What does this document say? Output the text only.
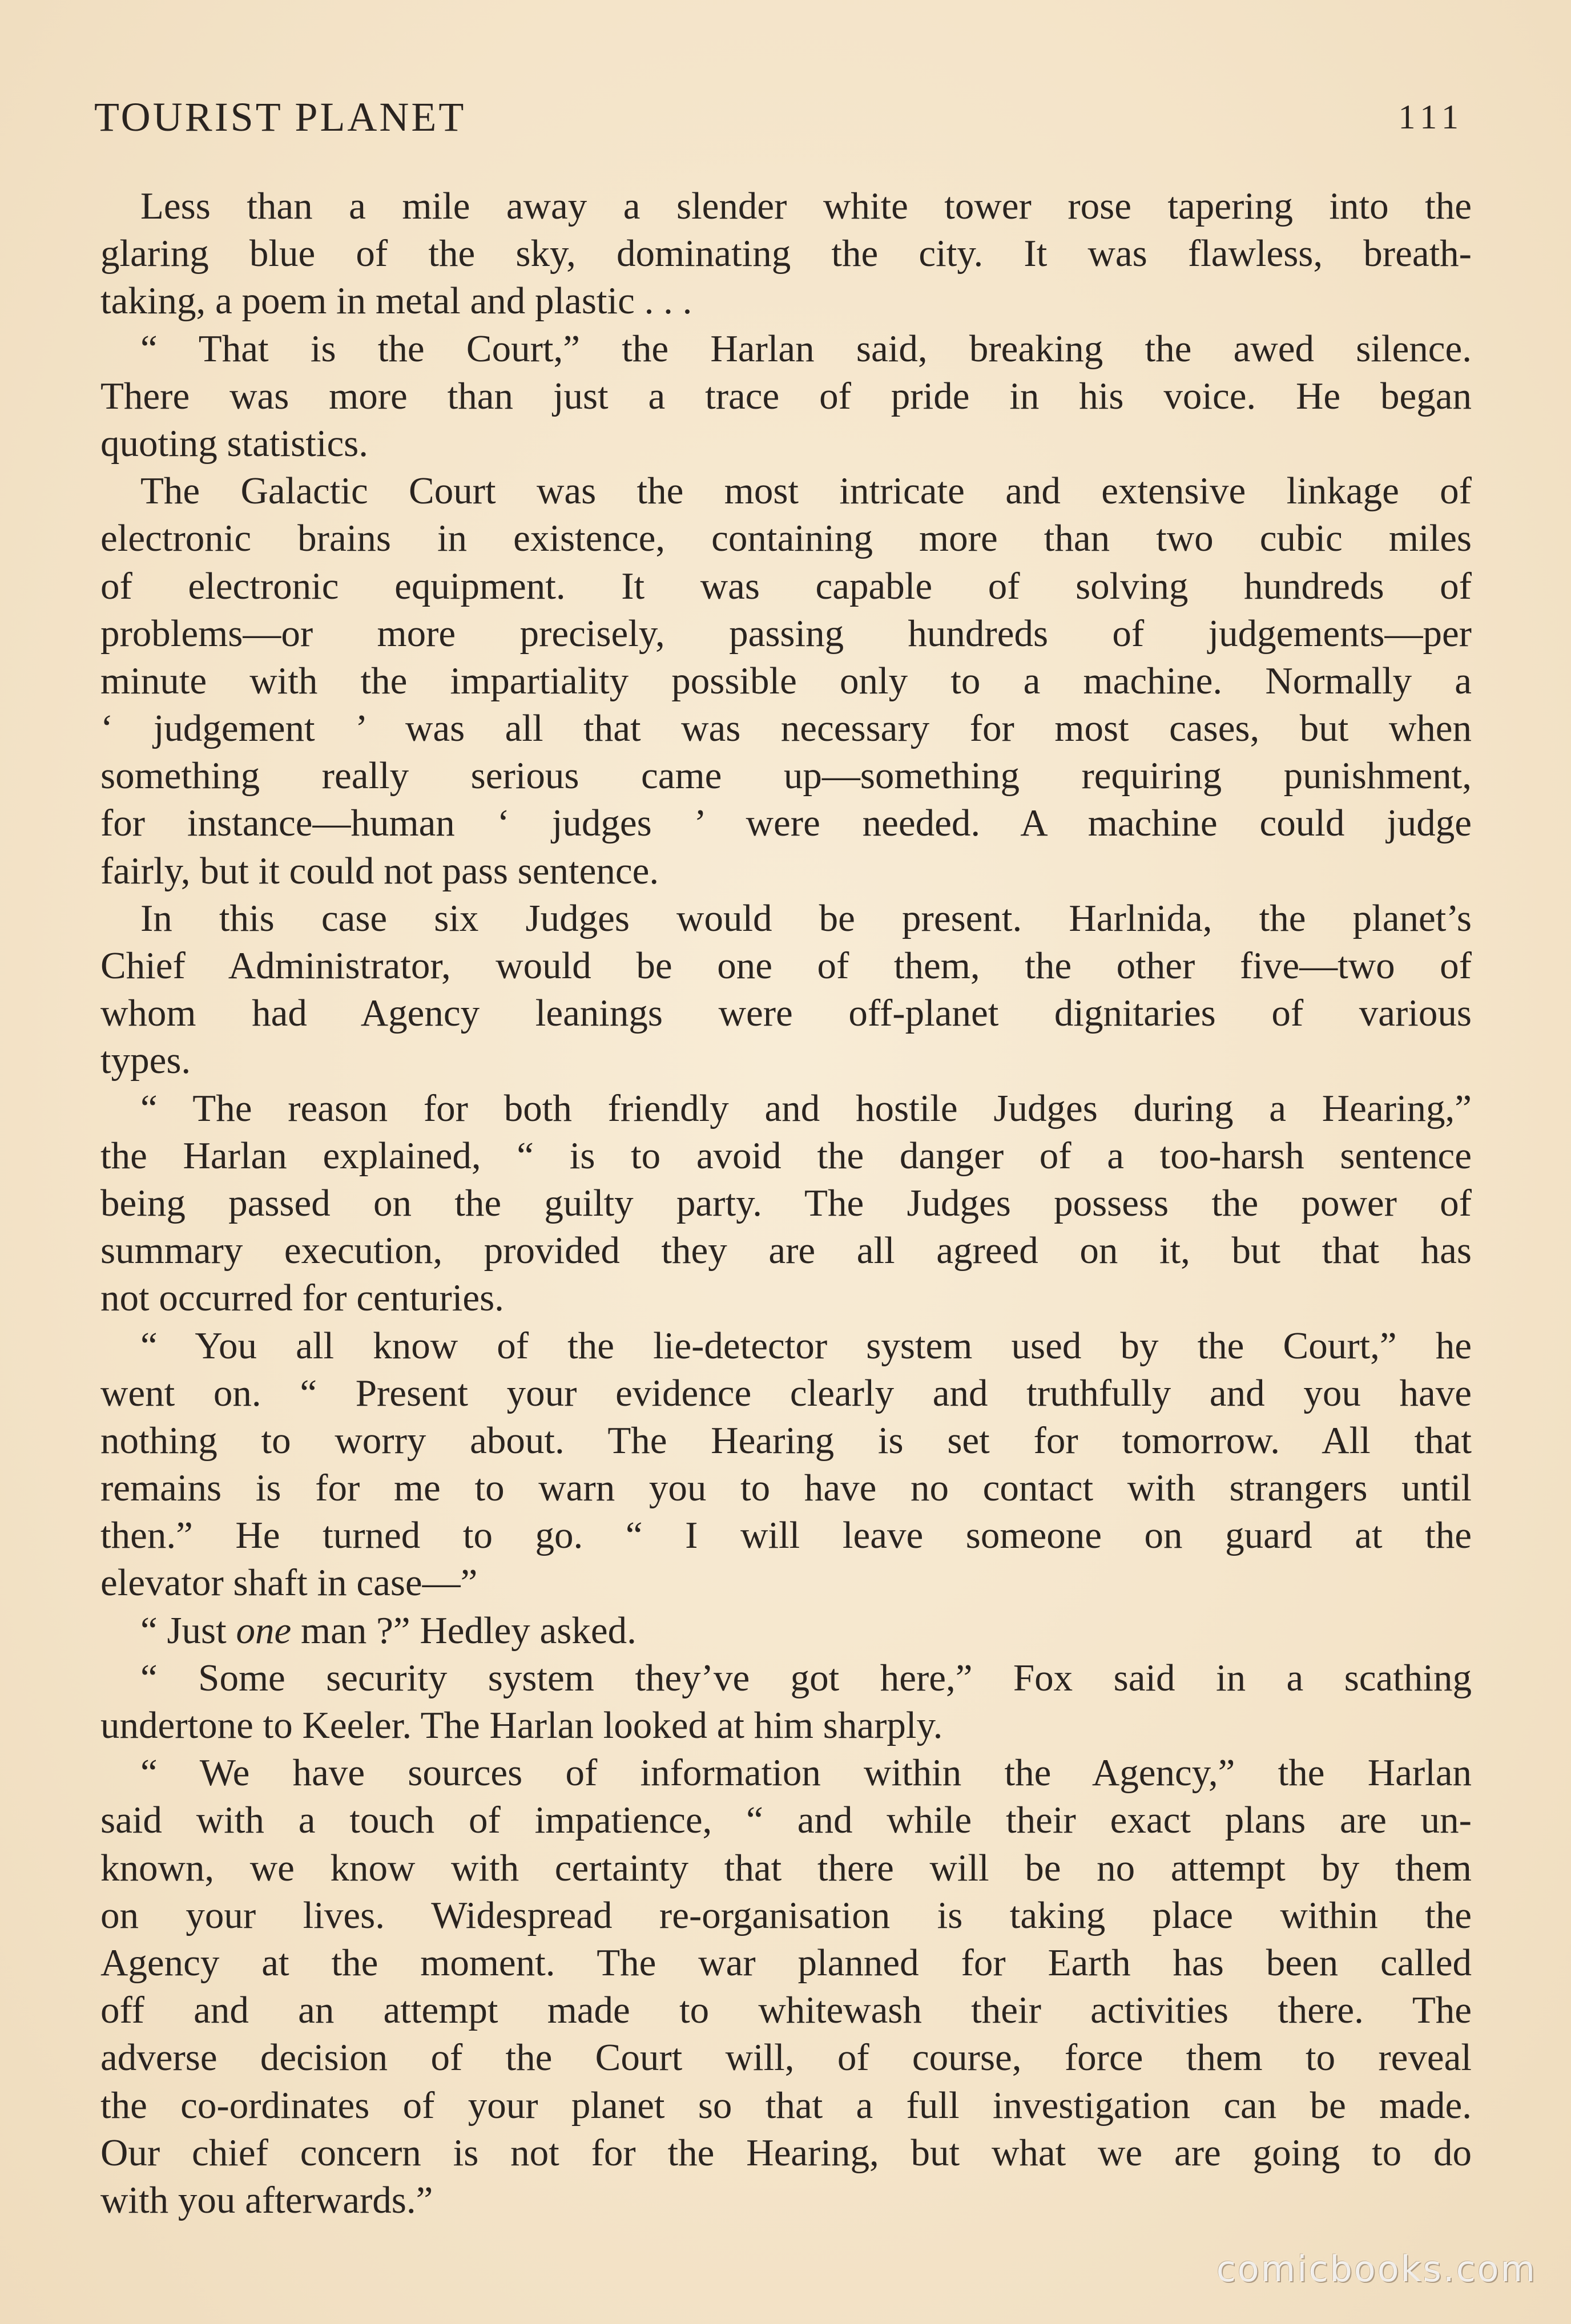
TOURIST PLANET	111
Less than a mile away a slender white tower rose tapering into the
glaring blue of the sky, dominating the city. It was flawless, breath-
taking, a poem in metal and plastic . . .
“ That is the Court,” the Harlan said, breaking the awed silence.
There was more than just a trace of pride in his voice. He began
quoting statistics.
The Galactic Court was the most intricate and extensive linkage of
electronic brains in existence, containing more than two cubic miles
of electronic equipment. It was capable of solving hundreds of
problems—or more precisely, passing hundreds of judgements—per
minute with the impartiality possible only to a machine. Normally a
‘ judgement ’ was all that was necessary for most cases, but when
something really serious came up—something requiring punishment,
for instance—human ‘ judges ’ were needed. A machine could judge
fairly, but it could not pass sentence.
In this case six Judges would be present. Harlnida, the planet’s
Chief Administrator, would be one of them, the other five—two of
whom had Agency leanings were off-planet dignitaries of various
types.
“ The reason for both friendly and hostile Judges during a Hearing,”
the Harlan explained, “ is to avoid the danger of a too-harsh sentence
being passed on the guilty party. The Judges possess the power of
summary execution, provided they are all agreed on it, but that has
not occurred for centuries.
“ You all know of the lie-detector system used by the Court,” he
went on. “ Present your evidence clearly and truthfully and you have
nothing to worry about. The Hearing is set for tomorrow. All that
remains is for me to warn you to have no contact with strangers until
then.” He turned to go. “ I will leave someone on guard at the
elevator shaft in case—”
“ Just one man ?” Hedley asked.
“ Some security system they’ve got here,” Fox said in a scathing
undertone to Keeler. The Harlan looked at him sharply.
“ We have sources of information within the Agency,” the Harlan
said with a touch of impatience, “ and while their exact plans are un-
known, we know with certainty that there will be no attempt by them
on your lives. Widespread re-organisation is taking place within the
Agency at the moment. The war planned for Earth has been called
off and an attempt made to whitewash their activities there. The
adverse decision of the Court will, of course, force them to reveal
the co-ordinates of your planet so that a full investigation can be made.
Our chief concern is not for the Hearing, but what we are going to do
with you afterwards.”
comicbooks.com
